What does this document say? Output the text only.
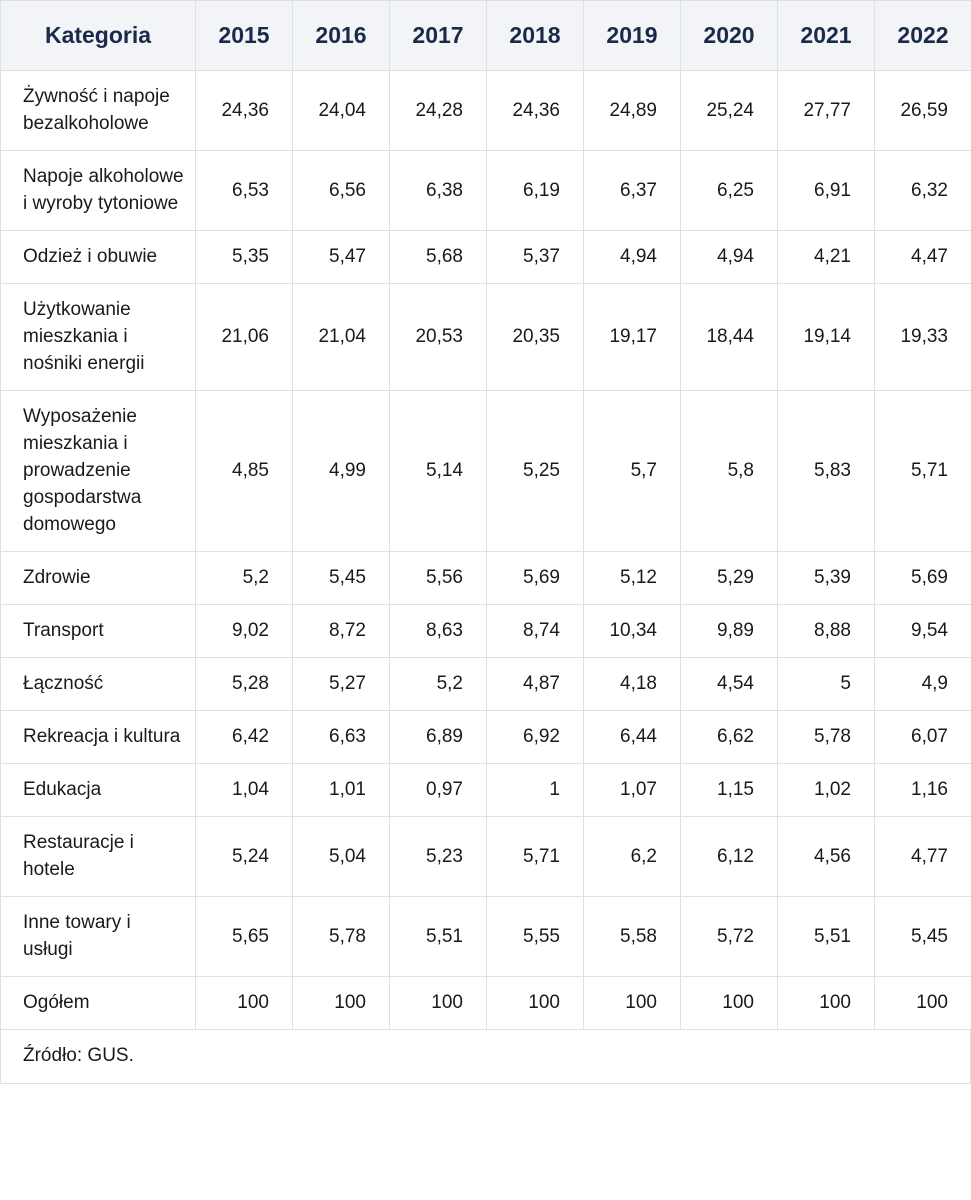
Kategoria	2015	2016	2017	2018	2019	2020	2021	2022
Żywność i napoje bezalkoholowe	24,36	24,04	24,28	24,36	24,89	25,24	27,77	26,59
Napoje alkoholowe i wyroby tytoniowe	6,53	6,56	6,38	6,19	6,37	6,25	6,91	6,32
Odzież i obuwie	5,35	5,47	5,68	5,37	4,94	4,94	4,21	4,47
Użytkowanie mieszkania i nośniki energii	21,06	21,04	20,53	20,35	19,17	18,44	19,14	19,33
Wyposażenie mieszkania i prowadzenie gospodarstwa domowego	4,85	4,99	5,14	5,25	5,7	5,8	5,83	5,71
Zdrowie	5,2	5,45	5,56	5,69	5,12	5,29	5,39	5,69
Transport	9,02	8,72	8,63	8,74	10,34	9,89	8,88	9,54
Łączność	5,28	5,27	5,2	4,87	4,18	4,54	5	4,9
Rekreacja i kultura	6,42	6,63	6,89	6,92	6,44	6,62	5,78	6,07
Edukacja	1,04	1,01	0,97	1	1,07	1,15	1,02	1,16
Restauracje i hotele	5,24	5,04	5,23	5,71	6,2	6,12	4,56	4,77
Inne towary i usługi	5,65	5,78	5,51	5,55	5,58	5,72	5,51	5,45
Ogółem	100	100	100	100	100	100	100	100
Źródło: GUS.
